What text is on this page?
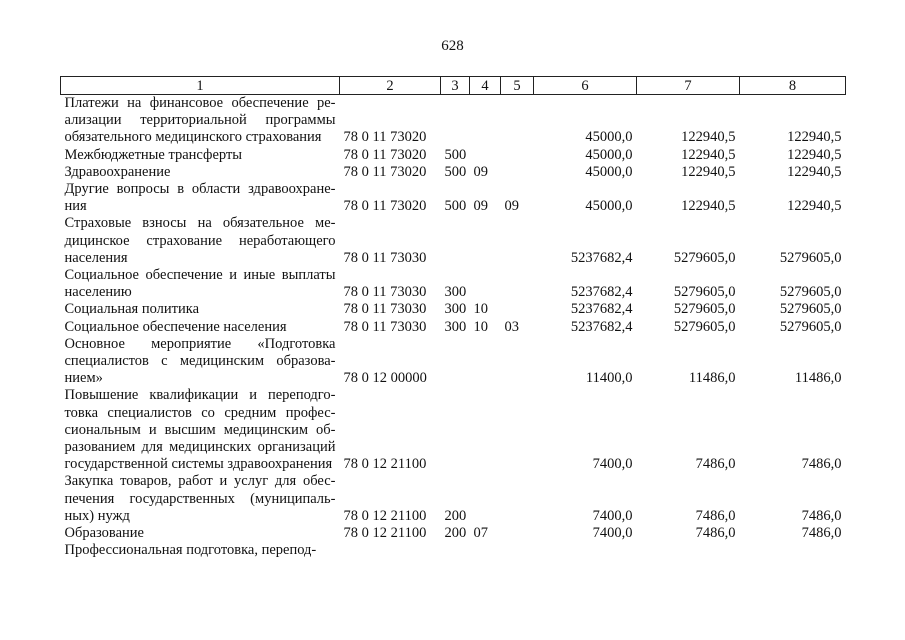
628
1	2	3	4	5	6	7	8
Платежи на финансовое обеспечение реализации территориальной программы обязательного медицинского страхования	78 0 11 73020				45000,0	122940,5	122940,5
Межбюджетные трансферты	78 0 11 73020	500			45000,0	122940,5	122940,5
Здравоохранение	78 0 11 73020	500	09		45000,0	122940,5	122940,5
Другие вопросы в области здравоохранения	78 0 11 73020	500	09	09	45000,0	122940,5	122940,5
Страховые взносы на обязательное медицинское страхование неработающего населения	78 0 11 73030				5237682,4	5279605,0	5279605,0
Социальное обеспечение и иные выплаты населению	78 0 11 73030	300			5237682,4	5279605,0	5279605,0
Социальная политика	78 0 11 73030	300	10		5237682,4	5279605,0	5279605,0
Социальное обеспечение населения	78 0 11 73030	300	10	03	5237682,4	5279605,0	5279605,0
Основное мероприятие «Подготовка специалистов с медицинским образованием»	78 0 12 00000				11400,0	11486,0	11486,0
Повышение квалификации и переподготовка специалистов со средним профессиональным и высшим медицинским образованием для медицинских организаций государственной системы здравоохранения	78 0 12 21100				7400,0	7486,0	7486,0
Закупка товаров, работ и услуг для обеспечения государственных (муниципальных) нужд	78 0 12 21100	200			7400,0	7486,0	7486,0
Образование	78 0 12 21100	200	07		7400,0	7486,0	7486,0
Профессиональная подготовка, перепод-							
